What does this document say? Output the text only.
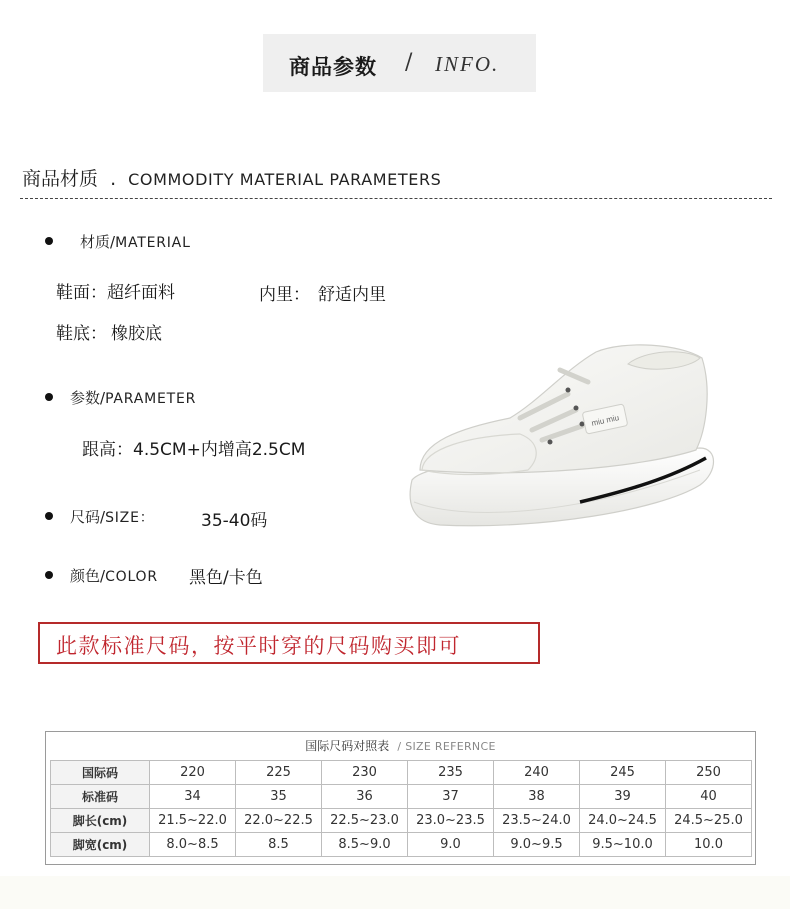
商品参数 / INFO.
商品材质 . COMMODITY MATERIAL PARAMETERS
材质/MATERIAL
鞋面：超纤面料	内里： 舒适内里
鞋底： 橡胶底
参数/PARAMETER
跟高：4.5CM+内增高2.5CM
尺码/SIZE：	35-40码
颜色/COLOR 黑色/卡色
miu miu
此款标准尺码，按平时穿的尺码购买即可
国际尺码对照表 / SIZE REFERNCE
国际码	220	225	230	235	240	245	250
标准码	34	35	36	37	38	39	40
脚长(cm)	21.5~22.0	22.0~22.5	22.5~23.0	23.0~23.5	23.5~24.0	24.0~24.5	24.5~25.0
脚宽(cm)	8.0~8.5	8.5	8.5~9.0	9.0	9.0~9.5	9.5~10.0	10.0
